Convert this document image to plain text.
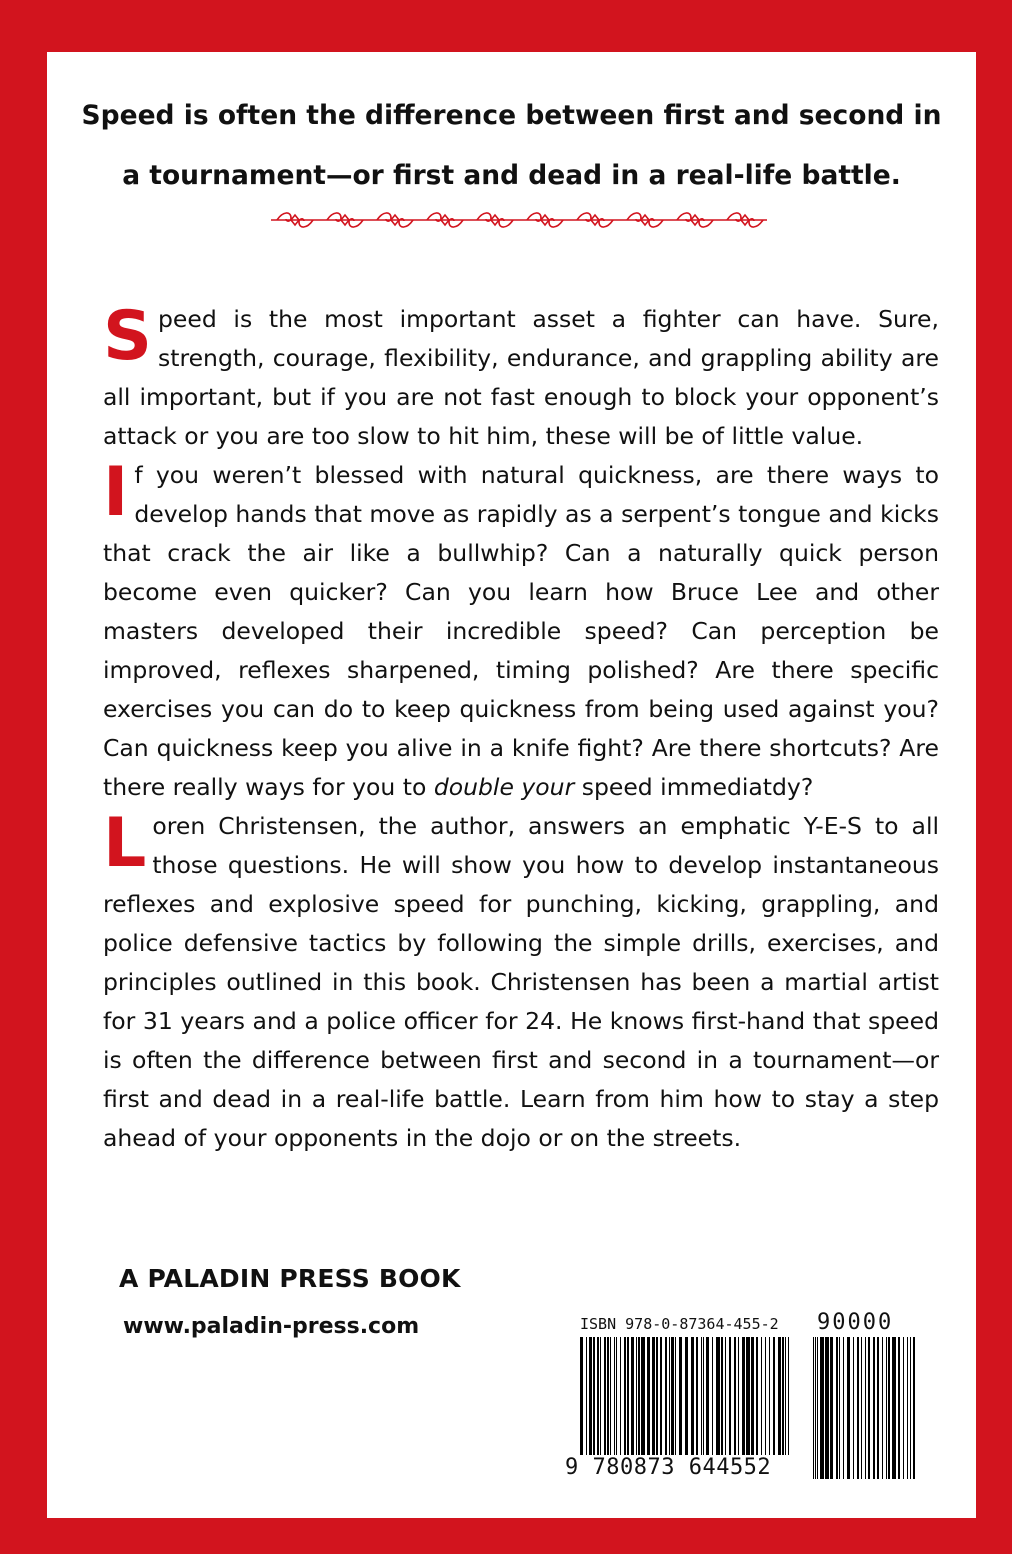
Speed is often the difference between first and second in
a tournament—or first and dead in a real-life battle.

Speed is the most important asset a fighter can have. Sure, strength, courage, flexibility, endurance, and grappling ability are all important, but if you are not fast enough to block your opponent’s attack or you are too slow to hit him, these will be of little value.

If you weren’t blessed with natural quickness, are there ways to develop hands that move as rapidly as a serpent’s tongue and kicks that crack the air like a bullwhip? Can a naturally quick person become even quicker? Can you learn how Bruce Lee and other masters developed their incredible speed? Can perception be improved, reflexes sharpened, timing polished? Are there specific exercises you can do to keep quickness from being used against you? Can quickness keep you alive in a knife fight? Are there shortcuts? Are there really ways for you to double your speed immediatdy?

Loren Christensen, the author, answers an emphatic Y-E-S to all those questions. He will show you how to develop instantaneous reflexes and explosive speed for punching, kicking, grappling, and police defensive tactics by following the simple drills, exercises, and principles outlined in this book. Christensen has been a martial artist for 31 years and a police officer for 24. He knows first-hand that speed is often the difference between first and second in a tournament—or first and dead in a real-life battle. Learn from him how to stay a step ahead of your opponents in the dojo or on the streets.

A PALADIN PRESS BOOK
www.paladin-press.com	ISBN 978-0-87364-455-2
9 780873 644552
90000
